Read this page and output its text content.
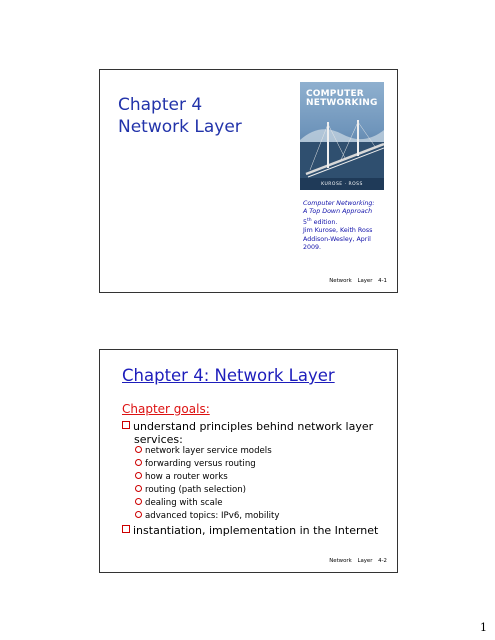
Chapter 4
Network Layer
COMPUTER
NETWORKING
KUROSE · ROSS
Computer Networking:
A Top Down Approach
5th edition.
Jim Kurose, Keith Ross
Addison-Wesley, April
2009.
Network Layer 4-1
Chapter 4: Network Layer
Chapter goals:
understand principles behind network layer
services:
network layer service models
forwarding versus routing
how a router works
routing (path selection)
dealing with scale
advanced topics: IPv6, mobility
instantiation, implementation in the Internet
Network Layer 4-2
1
